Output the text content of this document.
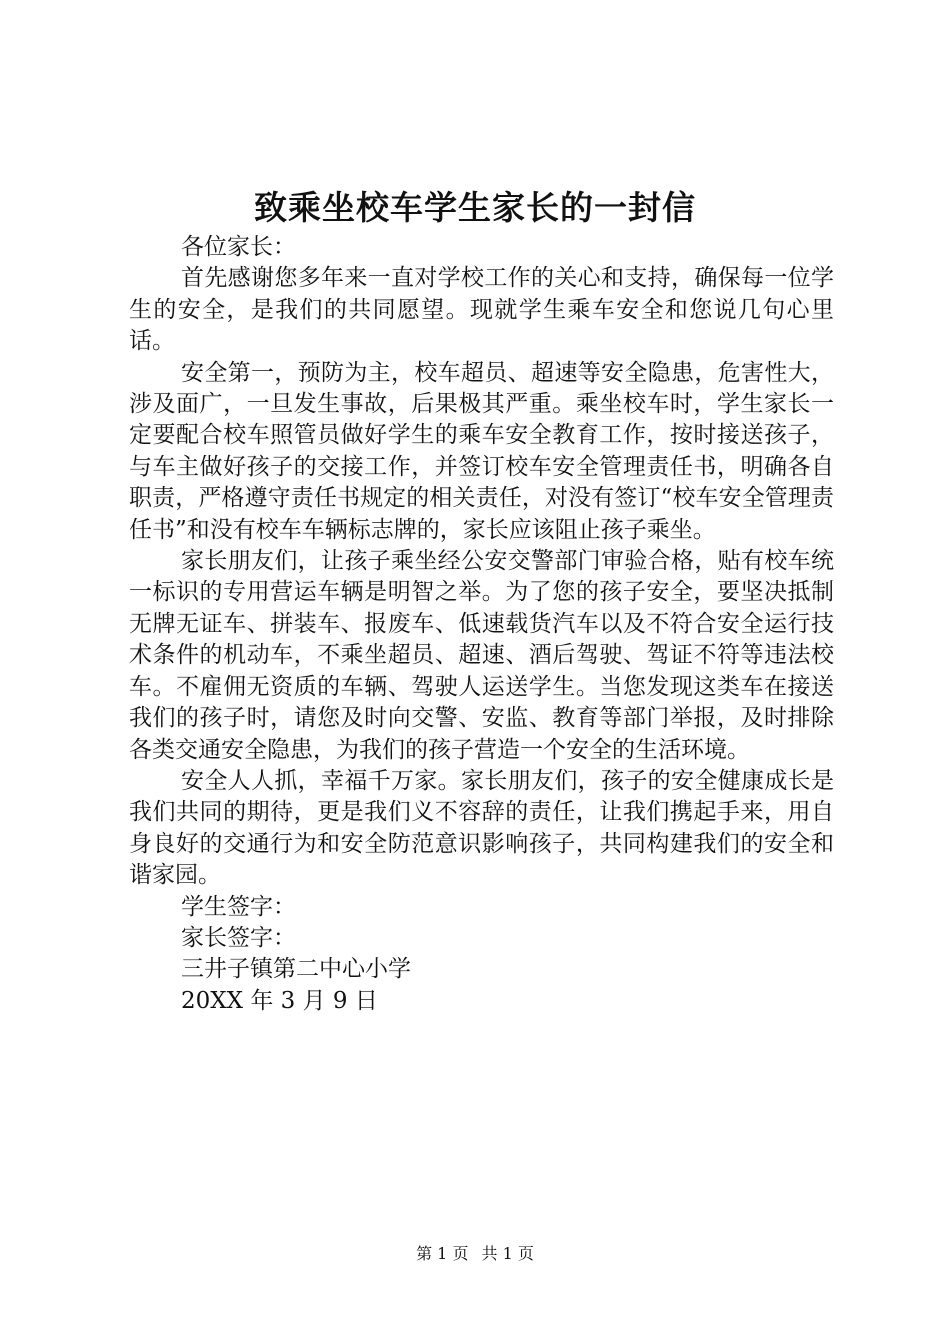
致乘坐校车学生家长的一封信

各位家长：

首先感谢您多年来一直对学校工作的关心和支持，确保每一位学生的安全，是我们的共同愿望。现就学生乘车安全和您说几句心里话。

安全第一，预防为主，校车超员、超速等安全隐患，危害性大，涉及面广，一旦发生事故，后果极其严重。乘坐校车时，学生家长一定要配合校车照管员做好学生的乘车安全教育工作，按时接送孩子，与车主做好孩子的交接工作，并签订校车安全管理责任书，明确各自职责，严格遵守责任书规定的相关责任，对没有签订“校车安全管理责任书”和没有校车车辆标志牌的，家长应该阻止孩子乘坐。

家长朋友们，让孩子乘坐经公安交警部门审验合格，贴有校车统一标识的专用营运车辆是明智之举。为了您的孩子安全，要坚决抵制无牌无证车、拼装车、报废车、低速载货汽车以及不符合安全运行技术条件的机动车，不乘坐超员、超速、酒后驾驶、驾证不符等违法校车。不雇佣无资质的车辆、驾驶人运送学生。当您发现这类车在接送我们的孩子时，请您及时向交警、安监、教育等部门举报，及时排除各类交通安全隐患，为我们的孩子营造一个安全的生活环境。

安全人人抓，幸福千万家。家长朋友们，孩子的安全健康成长是我们共同的期待，更是我们义不容辞的责任，让我们携起手来，用自身良好的交通行为和安全防范意识影响孩子，共同构建我们的安全和谐家园。

学生签字：

家长签字：

三井子镇第二中心小学

20XX 年 3 月 9 日

第 1 页 共 1 页
